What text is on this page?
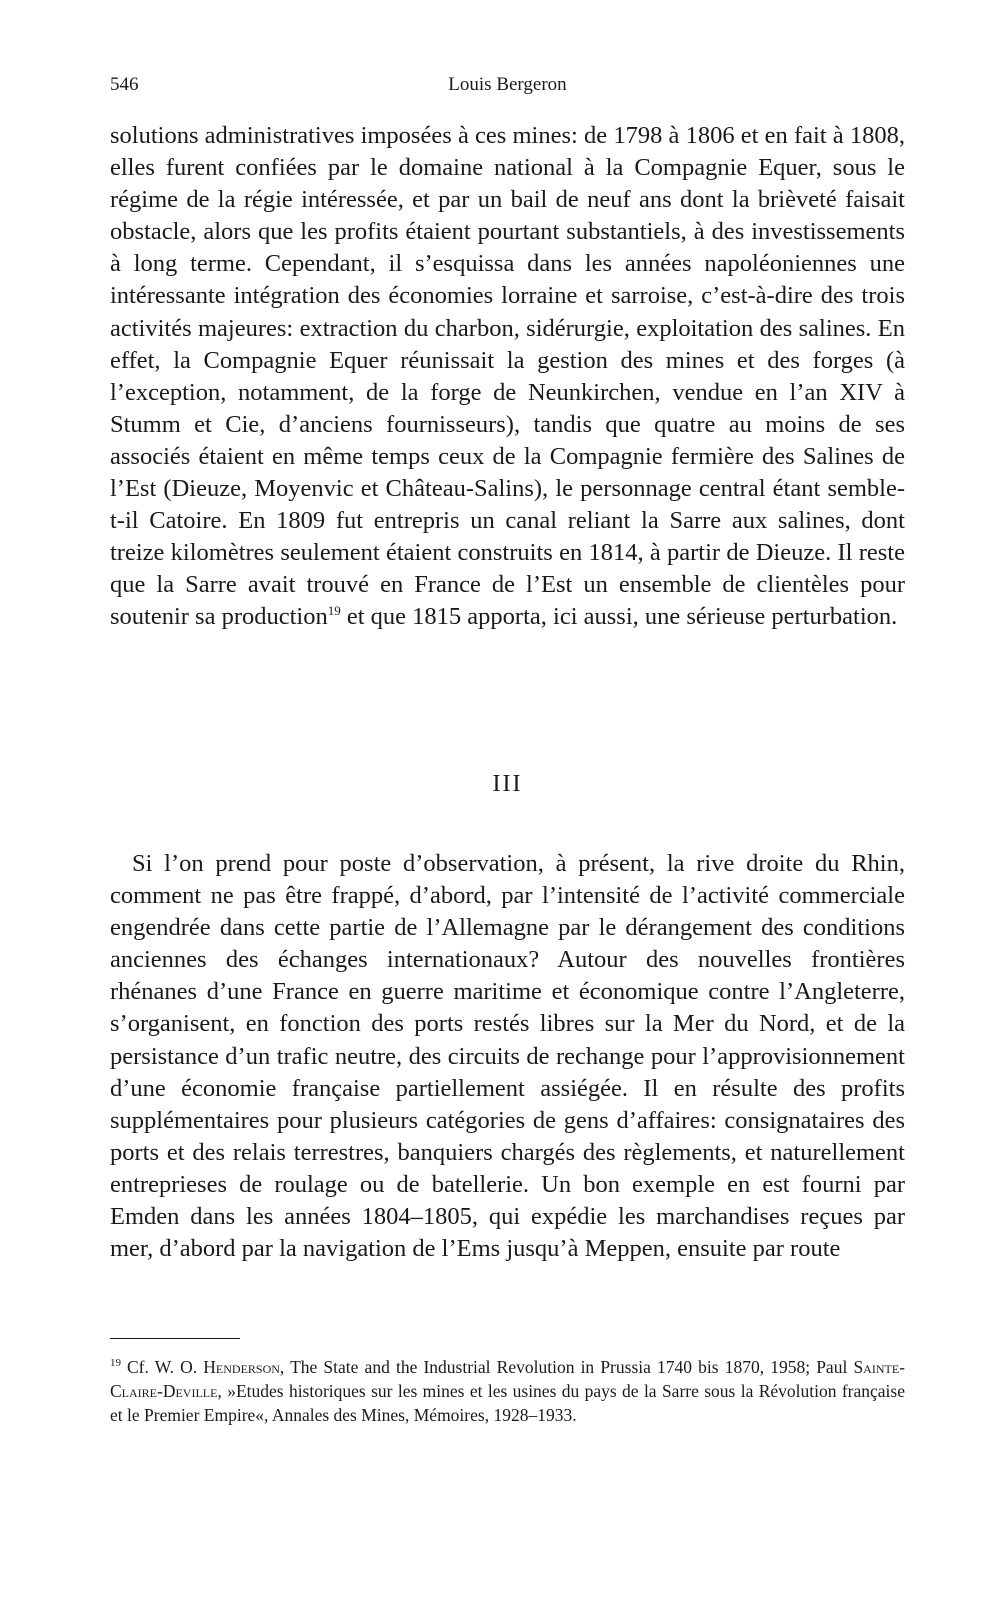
546	Louis Bergeron

solutions administratives imposées à ces mines: de 1798 à 1806 et en fait à 1808, elles furent confiées par le domaine national à la Compagnie Equer, sous le régime de la régie intéressée, et par un bail de neuf ans dont la brièveté faisait obstacle, alors que les profits étaient pourtant substantiels, à des investissements à long terme. Cependant, il s’esquissa dans les années napoléoniennes une intéressante intégration des économies lorraine et sarroise, c’est-à-dire des trois activités majeures: extraction du charbon, sidérurgie, exploitation des salines. En effet, la Compagnie Equer réunissait la gestion des mines et des forges (à l’exception, notamment, de la forge de Neunkirchen, vendue en l’an XIV à Stumm et Cie, d’anciens fournisseurs), tandis que quatre au moins de ses associés étaient en même temps ceux de la Compagnie fermière des Salines de l’Est (Dieuze, Moyenvic et Château-Salins), le personnage central étant semble-t-il Catoire. En 1809 fut entrepris un canal reliant la Sarre aux salines, dont treize kilomètres seulement étaient construits en 1814, à partir de Dieuze. Il reste que la Sarre avait trouvé en France de l’Est un ensemble de clientèles pour soutenir sa production$^{19}$ et que 1815 apporta, ici aussi, une sérieuse perturbation.

III

Si l’on prend pour poste d’observation, à présent, la rive droite du Rhin, comment ne pas être frappé, d’abord, par l’intensité de l’activité commerciale engendrée dans cette partie de l’Allemagne par le dérangement des conditions anciennes des échanges internationaux? Autour des nouvelles frontières rhénanes d’une France en guerre maritime et économique contre l’Angleterre, s’organisent, en fonction des ports restés libres sur la Mer du Nord, et de la persistance d’un trafic neutre, des circuits de rechange pour l’approvisionnement d’une économie française partiellement assiégée. Il en résulte des profits supplémentaires pour plusieurs catégories de gens d’affaires: consignataires des ports et des relais terrestres, banquiers chargés des règlements, et naturellement entreprieses de roulage ou de batellerie. Un bon exemple en est fourni par Emden dans les années 1804–1805, qui expédie les marchandises reçues par mer, d’abord par la navigation de l’Ems jusqu’à Meppen, ensuite par route

$^{19}$ Cf. W. O. Henderson, The State and the Industrial Revolution in Prussia 1740 bis 1870, 1958; Paul Sainte-Claire-Deville, »Etudes historiques sur les mines et les usines du pays de la Sarre sous la Révolution française et le Premier Empire«, Annales des Mines, Mémoires, 1928–1933.
